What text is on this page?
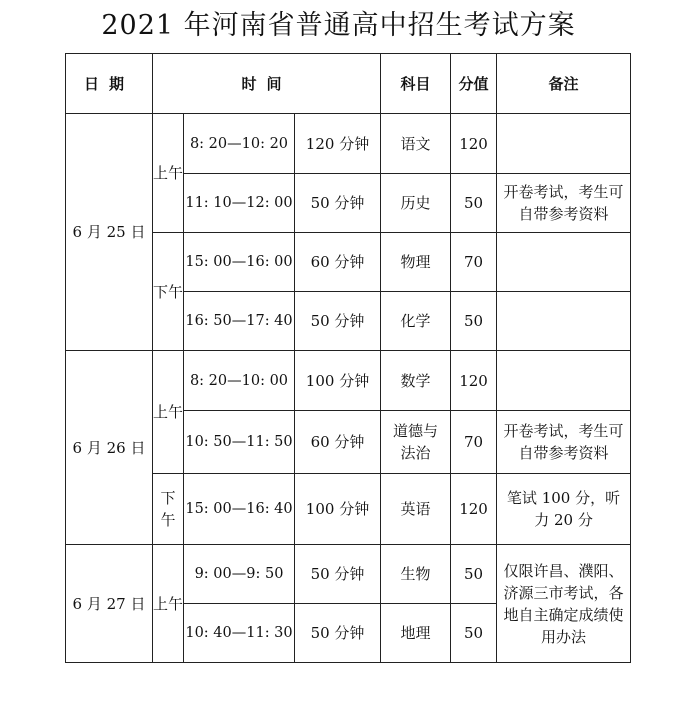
2021 年河南省普通高中招生考试方案
日期	时间			科目	分值	备注
6 月 25 日	上午	8: 20—10: 20	120 分钟	语文	120	
		11: 10—12: 00	50 分钟	历史	50	开卷考试，考生可自带参考资料
	下午	15: 00—16: 00	60 分钟	物理	70	
		16: 50—17: 40	50 分钟	化学	50	
6 月 26 日	上午	8: 20—10: 00	100 分钟	数学	120	
		10: 50—11: 50	60 分钟	道德与法治	70	开卷考试，考生可自带参考资料
	下午	15: 00—16: 40	100 分钟	英语	120	笔试 100 分，听力 20 分
6 月 27 日	上午	9: 00—9: 50	50 分钟	生物	50	仅限许昌、濮阳、济源三市考试，各地自主确定成绩使用办法
		10: 40—11: 30	50 分钟	地理	50	
